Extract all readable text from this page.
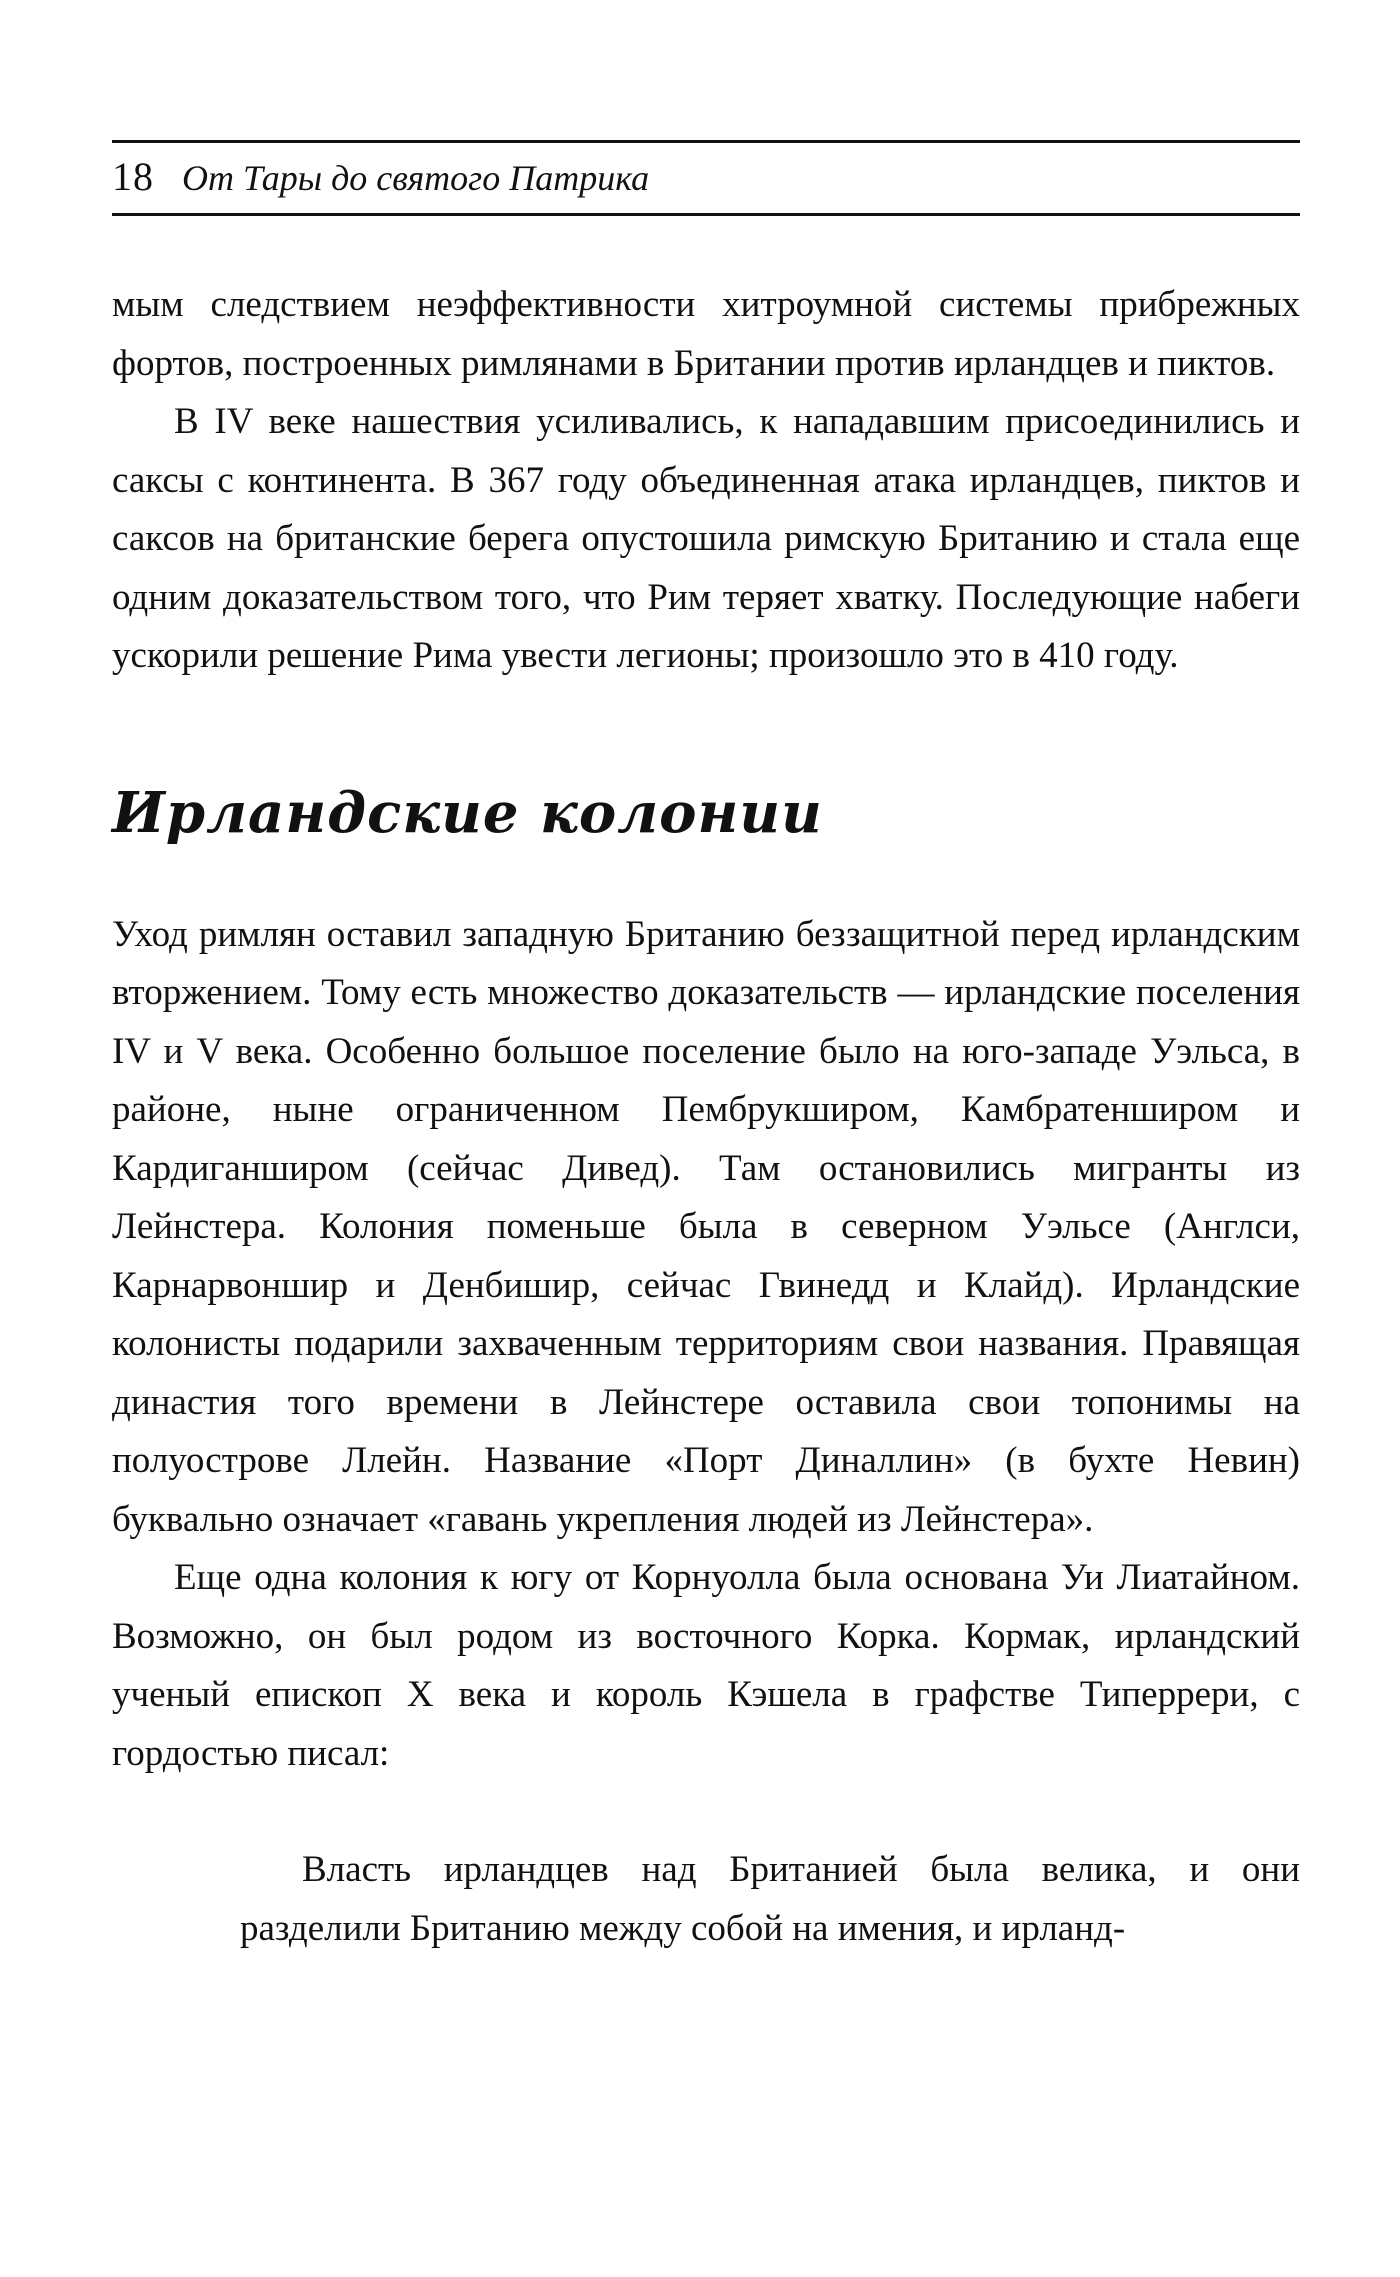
18 От Тары до святого Патрика

мым следствием неэффективности хитроумной системы прибрежных фортов, построенных римлянами в Британии против ирландцев и пиктов.

В IV веке нашествия усиливались, к нападавшим присоединились и саксы с континента. В 367 году объединенная атака ирландцев, пиктов и саксов на британские берега опустошила римскую Британию и стала еще одним доказательством того, что Рим теряет хватку. Последующие набеги ускорили решение Рима увести легионы; произошло это в 410 году.

Ирландские колонии

Уход римлян оставил западную Британию беззащитной перед ирландским вторжением. Тому есть множество доказательств — ирландские поселения IV и V века. Особенно большое поселение было на юго-западе Уэльса, в районе, ныне ограниченном Пембрукширом, Камбратенширом и Кардиганширом (сейчас Дивед). Там остановились мигранты из Лейнстера. Колония поменьше была в северном Уэльсе (Англси, Карнарвоншир и Денбишир, сейчас Гвинедд и Клайд). Ирландские колонисты подарили захваченным территориям свои названия. Правящая династия того времени в Лейнстере оставила свои топонимы на полуострове Ллейн. Название «Порт Диналлин» (в бухте Невин) буквально означает «гавань укрепления людей из Лейнстера».

Еще одна колония к югу от Корнуолла была основана Уи Лиатайном. Возможно, он был родом из восточного Корка. Кормак, ирландский ученый епископ X века и король Кэшела в графстве Типеррери, с гордостью писал:

Власть ирландцев над Британией была велика, и они разделили Британию между собой на имения, и ирланд-
